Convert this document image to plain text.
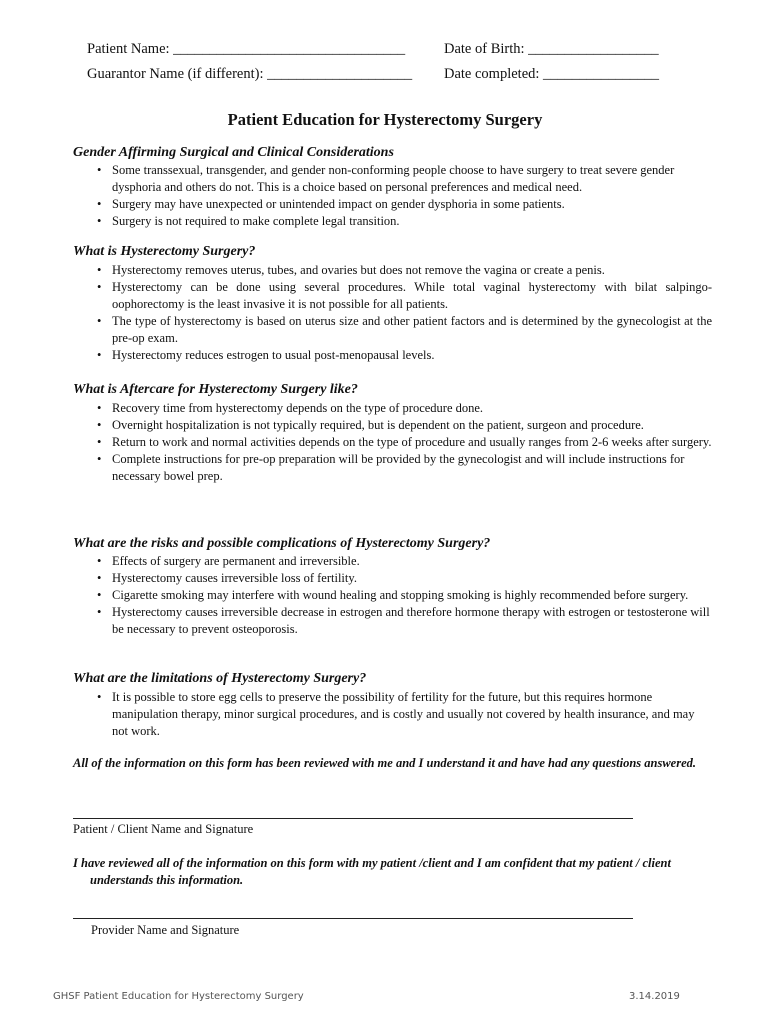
Patient Name: ________________________________	Date of Birth: __________________
Guarantor Name (if different): ____________________ Date completed: ________________
Patient Education for Hysterectomy Surgery
Gender Affirming Surgical and Clinical Considerations
• Some transsexual, transgender, and gender non-conforming people choose to have surgery to treat severe gender dysphoria and others do not. This is a choice based on personal preferences and medical need.
• Surgery may have unexpected or unintended impact on gender dysphoria in some patients.
• Surgery is not required to make complete legal transition.
What is Hysterectomy Surgery?
• Hysterectomy removes uterus, tubes, and ovaries but does not remove the vagina or create a penis.
• Hysterectomy can be done using several procedures. While total vaginal hysterectomy with bilat salpingo-oophorectomy is the least invasive it is not possible for all patients.
• The type of hysterectomy is based on uterus size and other patient factors and is determined by the gynecologist at the pre-op exam.
• Hysterectomy reduces estrogen to usual post-menopausal levels.
What is Aftercare for Hysterectomy Surgery like?
• Recovery time from hysterectomy depends on the type of procedure done.
• Overnight hospitalization is not typically required, but is dependent on the patient, surgeon and procedure.
• Return to work and normal activities depends on the type of procedure and usually ranges from 2-6 weeks after surgery.
• Complete instructions for pre-op preparation will be provided by the gynecologist and will include instructions for necessary bowel prep.
What are the risks and possible complications of Hysterectomy Surgery?
• Effects of surgery are permanent and irreversible.
• Hysterectomy causes irreversible loss of fertility.
• Cigarette smoking may interfere with wound healing and stopping smoking is highly recommended before surgery.
• Hysterectomy causes irreversible decrease in estrogen and therefore hormone therapy with estrogen or testosterone will be necessary to prevent osteoporosis.
What are the limitations of Hysterectomy Surgery?
• It is possible to store egg cells to preserve the possibility of fertility for the future, but this requires hormone manipulation therapy, minor surgical procedures, and is costly and usually not covered by health insurance, and may not work.
All of the information on this form has been reviewed with me and I understand it and have had any questions answered.
Patient / Client Name and Signature
I have reviewed all of the information on this form with my patient /client and I am confident that my patient / client understands this information.
Provider Name and Signature
GHSF Patient Education for Hysterectomy Surgery	3.14.2019
